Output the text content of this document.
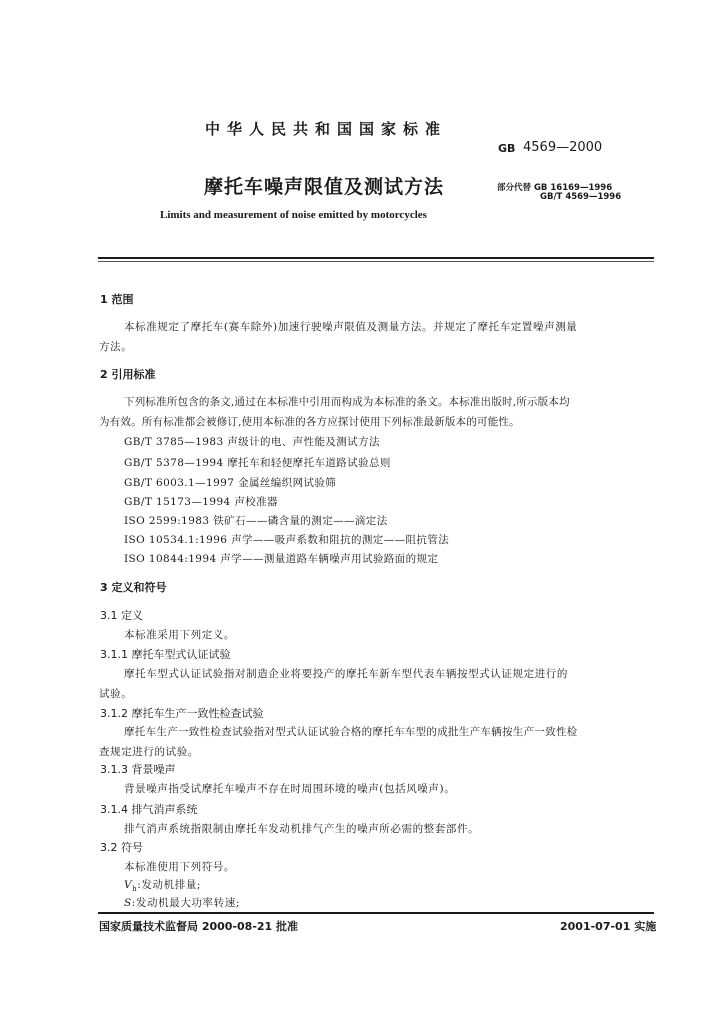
中华人民共和国国家标准
GB 4569—2000
摩托车噪声限值及测试方法	部分代替 GB 16169—1996
GB/T 4569—1996
Limits and measurement of noise emitted by motorcycles
1 范围
本标准规定了摩托车(赛车除外)加速行驶噪声限值及测量方法。并规定了摩托车定置噪声测量
方法。
2 引用标准
下列标准所包含的条文,通过在本标准中引用而构成为本标准的条文。本标准出版时,所示版本均
为有效。所有标准都会被修订,使用本标准的各方应探讨使用下列标准最新版本的可能性。
GB/T 3785—1983 声级计的电、声性能及测试方法
GB/T 5378—1994 摩托车和轻便摩托车道路试验总则
GB/T 6003.1—1997 金属丝编织网试验筛
GB/T 15173—1994 声校准器
ISO 2599:1983 铁矿石——磷含量的测定——滴定法
ISO 10534.1:1996 声学——吸声系数和阻抗的测定——阻抗管法
ISO 10844:1994 声学——测量道路车辆噪声用试验路面的规定
3 定义和符号
3.1 定义
本标准采用下列定义。
3.1.1 摩托车型式认证试验
摩托车型式认证试验指对制造企业将要投产的摩托车新车型代表车辆按型式认证规定进行的
试验。
3.1.2 摩托车生产一致性检查试验
摩托车生产一致性检查试验指对型式认证试验合格的摩托车车型的成批生产车辆按生产一致性检
查规定进行的试验。
3.1.3 背景噪声
背景噪声指受试摩托车噪声不存在时周围环境的噪声(包括风噪声)。
3.1.4 排气消声系统
排气消声系统指限制由摩托车发动机排气产生的噪声所必需的整套部件。
3.2 符号
本标准使用下列符号。
$V_h$:发动机排量;
S:发动机最大功率转速;
国家质量技术监督局 2000-08-21 批准	2001-07-01 实施
